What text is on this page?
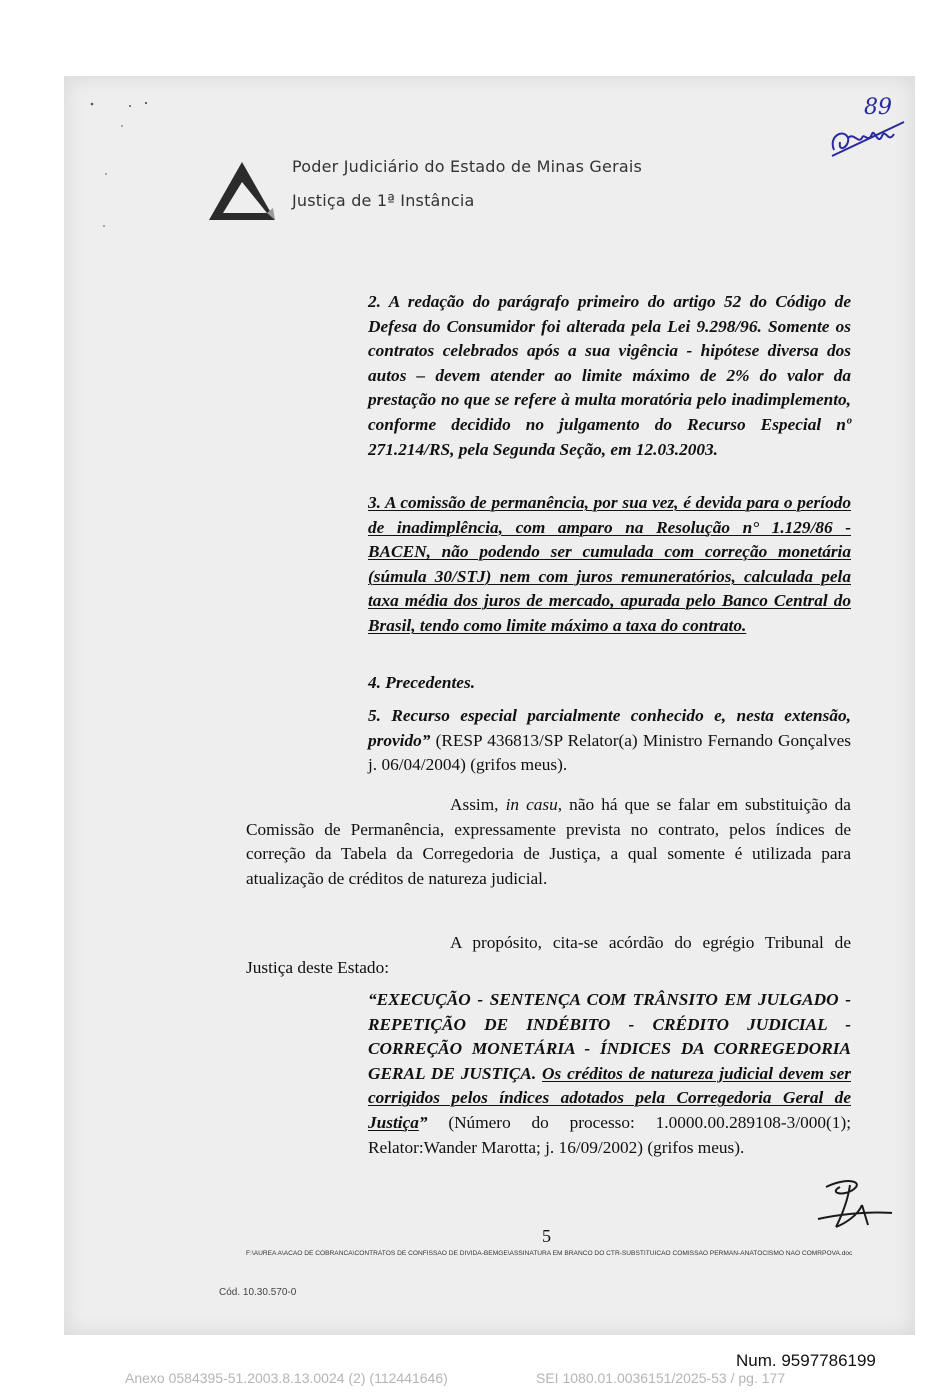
Poder Judiciário do Estado de Minas Gerais
Justiça de 1ª Instância
89
2. A redação do parágrafo primeiro do artigo 52 do Código de Defesa do Consumidor foi alterada pela Lei 9.298/96. Somente os contratos celebrados após a sua vigência - hipótese diversa dos autos – devem atender ao limite máximo de 2% do valor da prestação no que se refere à multa moratória pelo inadimplemento, conforme decidido no julgamento do Recurso Especial nº 271.214/RS, pela Segunda Seção, em 12.03.2003.
3. A comissão de permanência, por sua vez, é devida para o período de inadimplência, com amparo na Resolução n° 1.129/86 - BACEN, não podendo ser cumulada com correção monetária (súmula 30/STJ) nem com juros remuneratórios, calculada pela taxa média dos juros de mercado, apurada pelo Banco Central do Brasil, tendo como limite máximo a taxa do contrato.
4. Precedentes.
5. Recurso especial parcialmente conhecido e, nesta extensão, provido” (RESP 436813/SP Relator(a) Ministro Fernando Gonçalves j. 06/04/2004) (grifos meus).
Assim, in casu, não há que se falar em substituição da Comissão de Permanência, expressamente prevista no contrato, pelos índices de correção da Tabela da Corregedoria de Justiça, a qual somente é utilizada para atualização de créditos de natureza judicial.
A propósito, cita-se acórdão do egrégio Tribunal de Justiça deste Estado:
“EXECUÇÃO - SENTENÇA COM TRÂNSITO EM JULGADO - REPETIÇÃO DE INDÉBITO - CRÉDITO JUDICIAL - CORREÇÃO MONETÁRIA - ÍNDICES DA CORREGEDORIA GERAL DE JUSTIÇA. Os créditos de natureza judicial devem ser corrigidos pelos índices adotados pela Corregedoria Geral de Justiça” (Número do processo: 1.0000.00.289108-3/000(1); Relator:Wander Marotta; j. 16/09/2002) (grifos meus).
5
F:\AUREA A\ACAO DE COBRANCA\CONTRATOS DE CONFISSAO DE DIVIDA-BEMGE\ASSINATURA EM BRANCO DO CTR-SUBSTITUICAO COMISSAO PERMAN-ANATOCISMO NAO COMRPOVA.doc
Cód. 10.30.570-0
Num. 9597786199
Anexo 0584395-51.2003.8.13.0024 (2) (112441646)	SEI 1080.01.0036151/2025-53 / pg. 177
